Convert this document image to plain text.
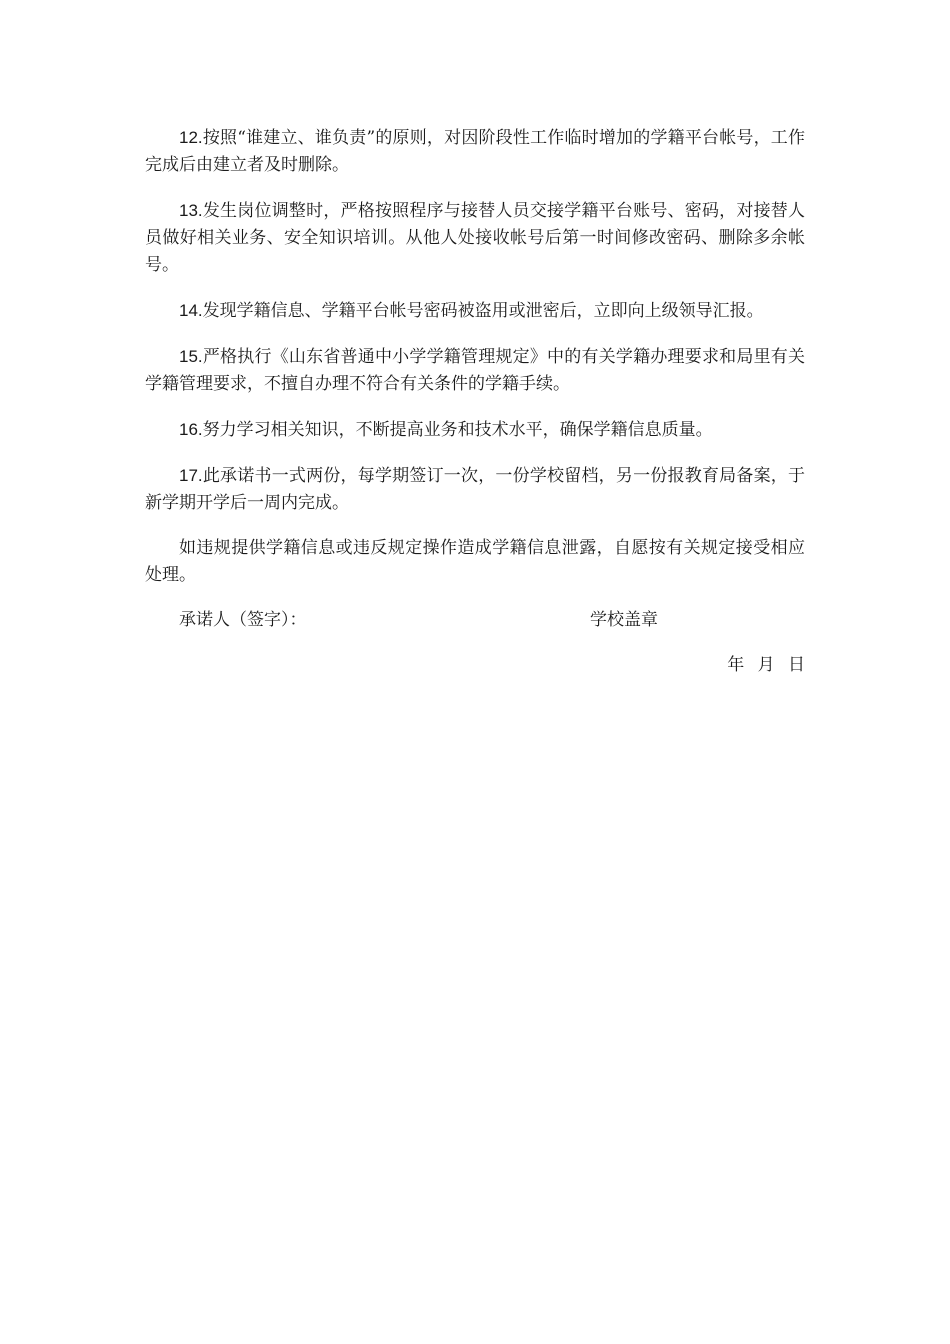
12.按照“谁建立、谁负责”的原则，对因阶段性工作临时增加的学籍平台帐号，工作完成后由建立者及时删除。

13.发生岗位调整时，严格按照程序与接替人员交接学籍平台账号、密码，对接替人员做好相关业务、安全知识培训。从他人处接收帐号后第一时间修改密码、删除多余帐号。

14.发现学籍信息、学籍平台帐号密码被盗用或泄密后，立即向上级领导汇报。

15.严格执行《山东省普通中小学学籍管理规定》中的有关学籍办理要求和局里有关学籍管理要求，不擅自办理不符合有关条件的学籍手续。

16.努力学习相关知识，不断提高业务和技术水平，确保学籍信息质量。

17.此承诺书一式两份，每学期签订一次，一份学校留档，另一份报教育局备案，于新学期开学后一周内完成。

如违规提供学籍信息或违反规定操作造成学籍信息泄露，自愿按有关规定接受相应处理。

承诺人（签字）：	学校盖章
年 月 日
